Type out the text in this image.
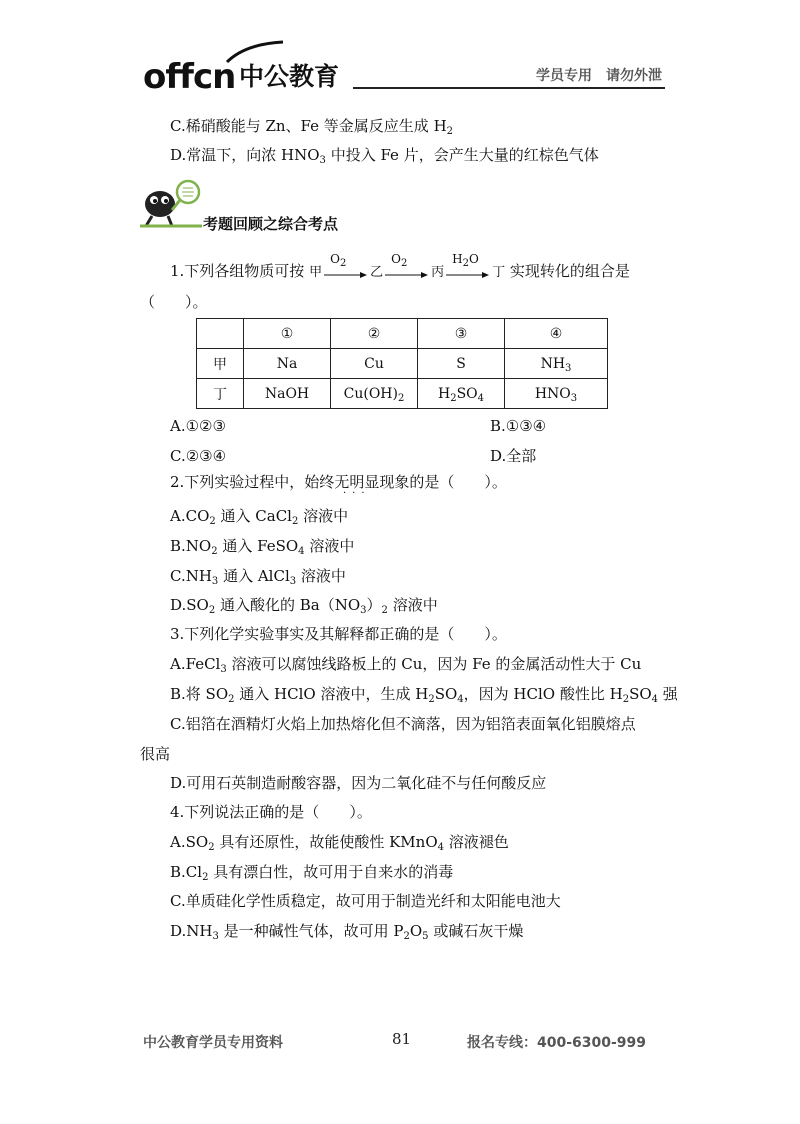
offcn 中公教育	学员专用 请勿外泄
C.稀硝酸能与 Zn、Fe 等金属反应生成 $H_2$
D.常温下，向浓 $HNO_3$ 中投入 Fe 片，会产生大量的红棕色气体
考题回顾之综合考点
1.下列各组物质可按 甲
$O_2$
乙
$O_2$
丙
$H_2O$
丁 实现转化的组合是
（　　）。
	①	②	③	④
甲	Na	Cu	S	$NH_3$
丁	NaOH	$Cu(OH)_2$	$H_2SO_4$	$HNO_3$
A.①②③	B.①③④
C.②③④	D.全部
2.下列实验过程中，始终无明显现象的是（　　）。
···
$A.CO_2$ 通入 CaCl$_2$ 溶液中
$B.NO_2$ 通入 FeSO$_4$ 溶液中
$C.NH_3$ 通入 AlCl$_3$ 溶液中
$D.SO_2$ 通入酸化的 $Ba(NO_3)_2$ 溶液中
3.下列化学实验事实及其解释都正确的是（　　）。
A.FeCl$_3$ 溶液可以腐蚀线路板上的 Cu，因为 Fe 的金属活动性大于 Cu
B.将 $SO_2$ 通入 HClO 溶液中，生成 $H_2SO_4$，因为 HClO 酸性比 $H_2SO_4$ 强
C.铝箔在酒精灯火焰上加热熔化但不滴落，因为铝箔表面氧化铝膜熔点
很高
D.可用石英制造耐酸容器，因为二氧化硅不与任何酸反应
4.下列说法正确的是（　　）。
$A.SO_2$ 具有还原性，故能使酸性 KMnO$_4$ 溶液褪色
$B.Cl_2$ 具有漂白性，故可用于自来水的消毒
C.单质硅化学性质稳定，故可用于制造光纤和太阳能电池大
$D.NH_3$ 是一种碱性气体，故可用 $P_2O_5$ 或碱石灰干燥
中公教育学员专用资料	81	报名专线：400-6300-999
